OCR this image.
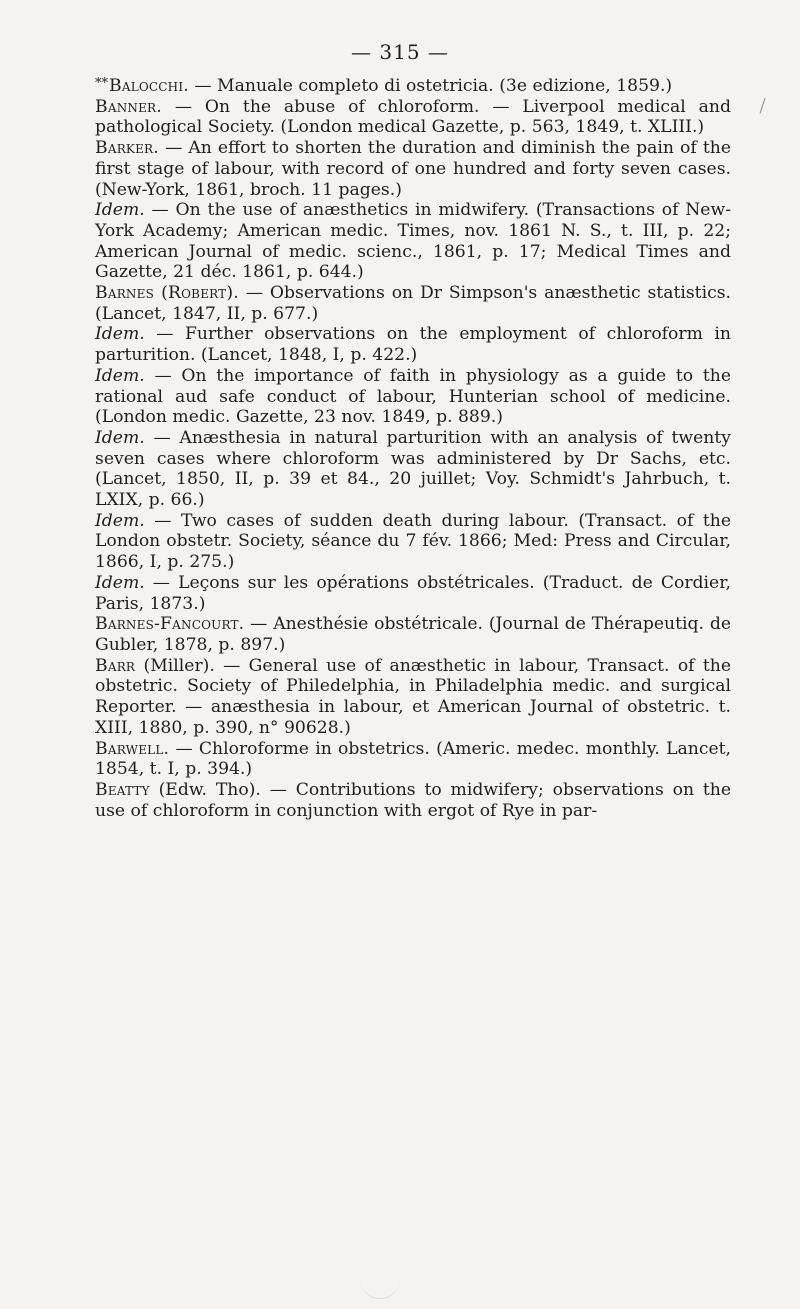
— 315 —

**Balocchi. — Manuale completo di ostetricia. (3e edizione, 1859.)

Banner. — On the abuse of chloroform. — Liverpool medical and pathological Society. (London medical Gazette, p. 563, 1849, t. XLIII.)

Barker. — An effort to shorten the duration and diminish the pain of the first stage of labour, with record of one hundred and forty seven cases. (New-York, 1861, broch. 11 pages.)

Idem. — On the use of anæsthetics in midwifery. (Transactions of New-York Academy; American medic. Times, nov. 1861 N. S., t. III, p. 22; American Journal of medic. scienc., 1861, p. 17; Medical Times and Gazette, 21 déc. 1861, p. 644.)

Barnes (Robert). — Observations on Dr Simpson's anæsthetic statistics. (Lancet, 1847, II, p. 677.)

Idem. — Further observations on the employment of chloroform in parturition. (Lancet, 1848, I, p. 422.)

Idem. — On the importance of faith in physiology as a guide to the rational aud safe conduct of labour, Hunterian school of medicine. (London medic. Gazette, 23 nov. 1849, p. 889.)

Idem. — Anæsthesia in natural parturition with an analysis of twenty seven cases where chloroform was administered by Dr Sachs, etc. (Lancet, 1850, II, p. 39 et 84., 20 juillet; Voy. Schmidt's Jahrbuch, t. LXIX, p. 66.)

Idem. — Two cases of sudden death during labour. (Transact. of the London obstetr. Society, séance du 7 fév. 1866; Med: Press and Circular, 1866, I, p. 275.)

Idem. — Leçons sur les opérations obstétricales. (Traduct. de Cordier, Paris, 1873.)

Barnes-Fancourt. — Anesthésie obstétricale. (Journal de Thérapeutiq. de Gubler, 1878, p. 897.)

Barr (Miller). — General use of anæsthetic in labour, Transact. of the obstetric. Society of Philedelphia, in Philadelphia medic. and surgical Reporter. — anæsthesia in labour, et American Journal of obstetric. t. XIII, 1880, p. 390, n° 90628.)

Barwell. — Chloroforme in obstetrics. (Americ. medec. monthly. Lancet, 1854, t. I, p. 394.)

Beatty (Edw. Tho). — Contributions to midwifery; observations on the use of chloroform in conjunction with ergot of Rye in par-
